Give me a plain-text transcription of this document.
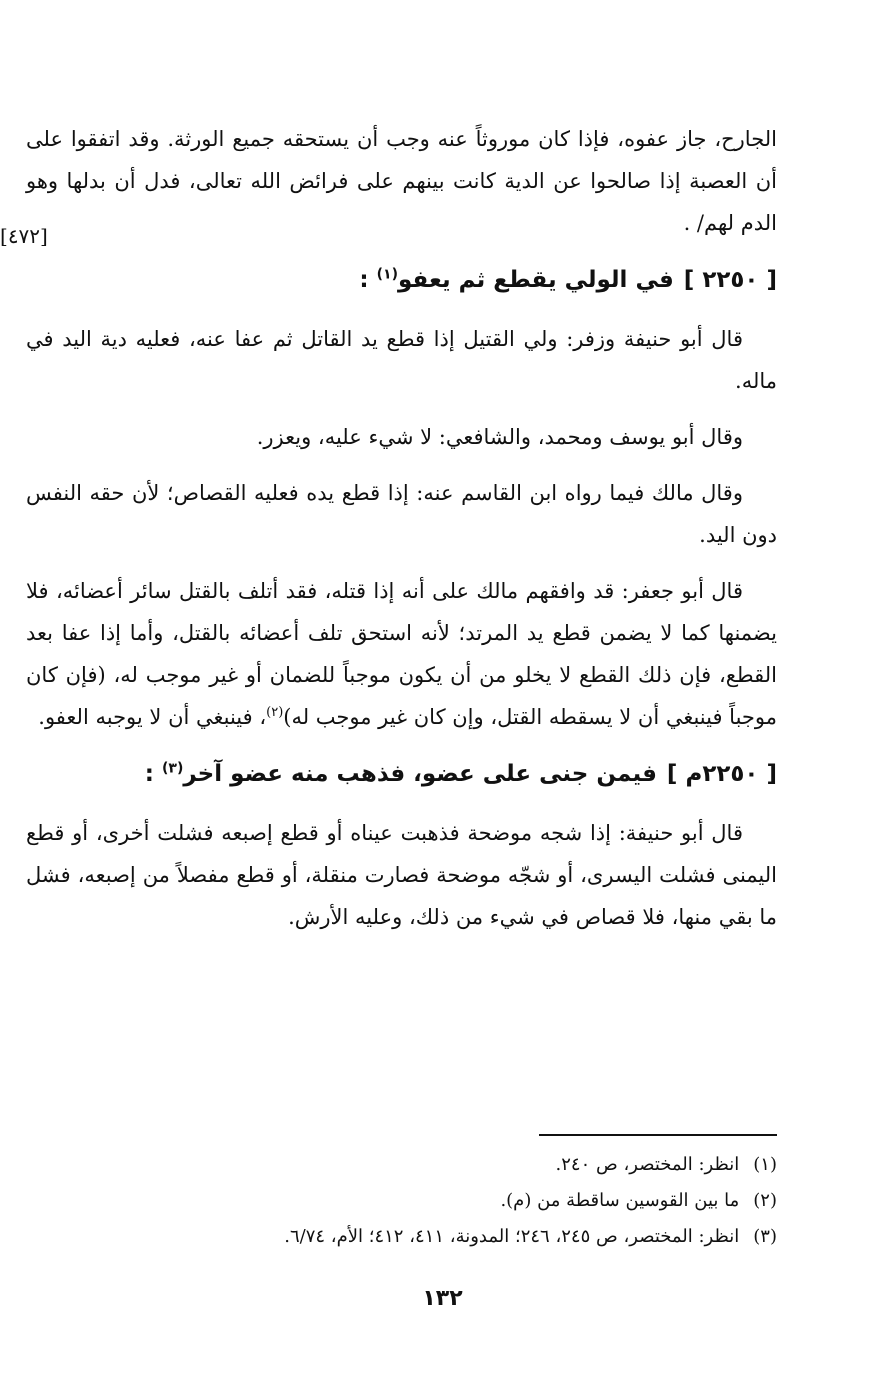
[٤٧٢]

الجارح، جاز عفوه، فإذا كان موروثاً عنه وجب أن يستحقه جميع الورثة. وقد اتفقوا على أن العصبة إذا صالحوا عن الدية كانت بينهم على فرائض الله تعالى، فدل أن بدلها وهو الدم لهم/ .

[ ٢٢٥٠ ]في الولي يقطع ثم يعفو$^{(١)}$ :

قال أبو حنيفة وزفر: ولي القتيل إذا قطع يد القاتل ثم عفا عنه، فعليه دية اليد في ماله.

وقال أبو يوسف ومحمد، والشافعي: لا شيء عليه، ويعزر.

وقال مالك فيما رواه ابن القاسم عنه: إذا قطع يده فعليه القصاص؛ لأن حقه النفس دون اليد.

قال أبو جعفر: قد وافقهم مالك على أنه إذا قتله، فقد أتلف بالقتل سائر أعضائه، فلا يضمنها كما لا يضمن قطع يد المرتد؛ لأنه استحق تلف أعضائه بالقتل، وأما إذا عفا بعد القطع، فإن ذلك القطع لا يخلو من أن يكون موجباً للضمان أو غير موجب له، (فإن كان موجباً فينبغي أن لا يسقطه القتل، وإن كان غير موجب له)$^{(٢)}$، فينبغي أن لا يوجبه العفو.

[ ٢٢٥٠م ]فيمن جنى على عضو، فذهب منه عضو آخر$^{(٣)}$ :

قال أبو حنيفة: إذا شجه موضحة فذهبت عيناه أو قطع إصبعه فشلت أخرى، أو قطع اليمنى فشلت اليسرى، أو شجّه موضحة فصارت منقلة، أو قطع مفصلاً من إصبعه، فشل ما بقي منها، فلا قصاص في شيء من ذلك، وعليه الأرش.

(١)انظر: المختصر، ص ٢٤٠.

(٢)ما بين القوسين ساقطة من (م).

(٣)انظر: المختصر، ص ٢٤٥، ٢٤٦؛ المدونة، ٤١١، ٤١٢؛ الأم، ٦/٧٤.

١٣٢
